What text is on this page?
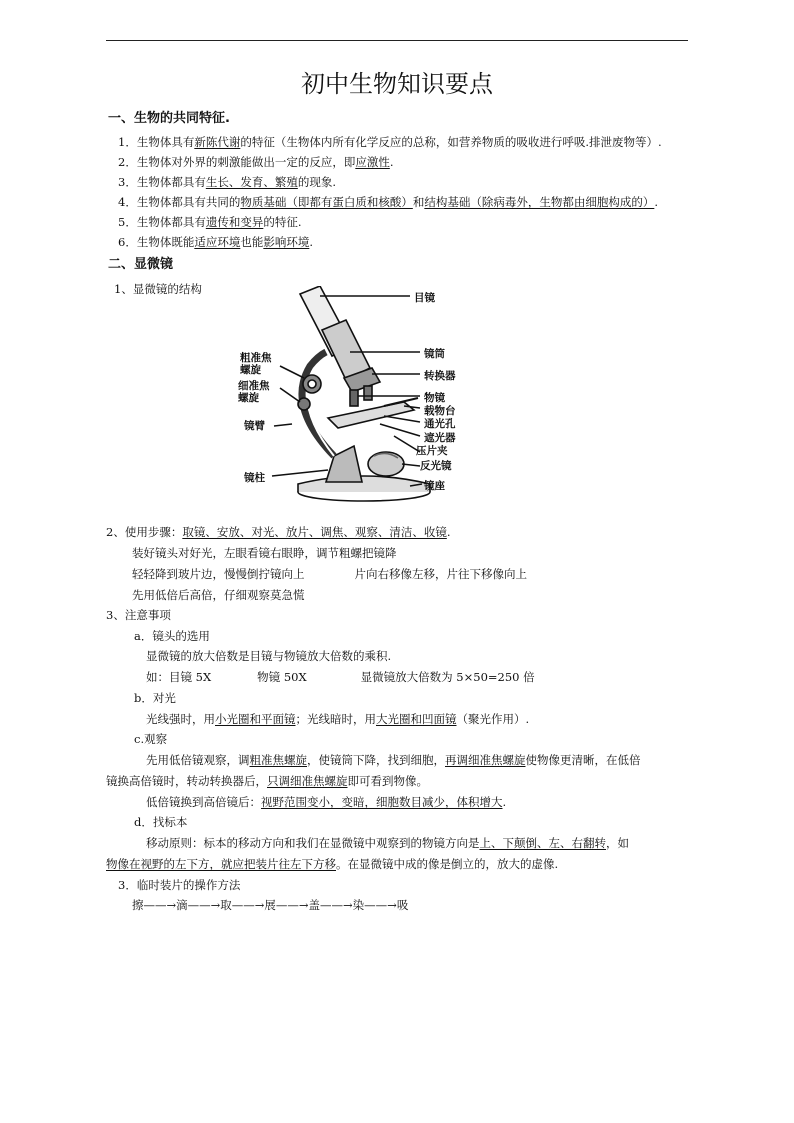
初中生物知识要点
一、生物的共同特征.
1．生物体具有新陈代谢的特征（生物体内所有化学反应的总称，如营养物质的吸收进行呼吸.排泄废物等）.
2．生物体对外界的刺激能做出一定的反应，即应激性.
3．生物体都具有生长、发育、繁殖的现象.
4．生物体都具有共同的物质基础（即都有蛋白质和核酸）和结构基础（除病毒外，生物都由细胞构成的）.
5．生物体都具有遗传和变异的特征.
6．生物体既能适应环境也能影响环境.
二、显微镜
1、显微镜的结构
目镜
镜筒
转换器
物镜
载物台
通光孔
遮光器
压片夹
反光镜
镜座
粗准焦
螺旋
细准焦
螺旋
镜臂
镜柱
2、使用步骤：取镜、安放、对光、放片、调焦、观察、清洁、收镜.
装好镜头对好光，左眼看镜右眼睁，调节粗螺把镜降
轻轻降到玻片边，慢慢倒拧镜向上	片向右移像左移，片往下移像向上
先用低倍后高倍，仔细观察莫急慌
3、注意事项
a．镜头的选用
显微镜的放大倍数是目镜与物镜放大倍数的乘积.
如：目镜 5X	物镜 50X	显微镜放大倍数为 5×50=250 倍
b．对光
光线强时，用小光圈和平面镜；光线暗时，用大光圈和凹面镜（聚光作用）.
c.观察
先用低倍镜观察，调粗准焦螺旋，使镜筒下降，找到细胞，再调细准焦螺旋使物像更清晰，在低倍
镜换高倍镜时，转动转换器后，只调细准焦螺旋即可看到物像。
低倍镜换到高倍镜后：视野范围变小，变暗，细胞数目减少，体积增大.
d．找标本
移动原则：标本的移动方向和我们在显微镜中观察到的物镜方向是上、下颠倒、左、右翻转，如
物像在视野的左下方，就应把装片往左下方移。在显微镜中成的像是倒立的，放大的虚像.
3．临时装片的操作方法
擦——→滴——→取——→展——→盖——→染——→吸
